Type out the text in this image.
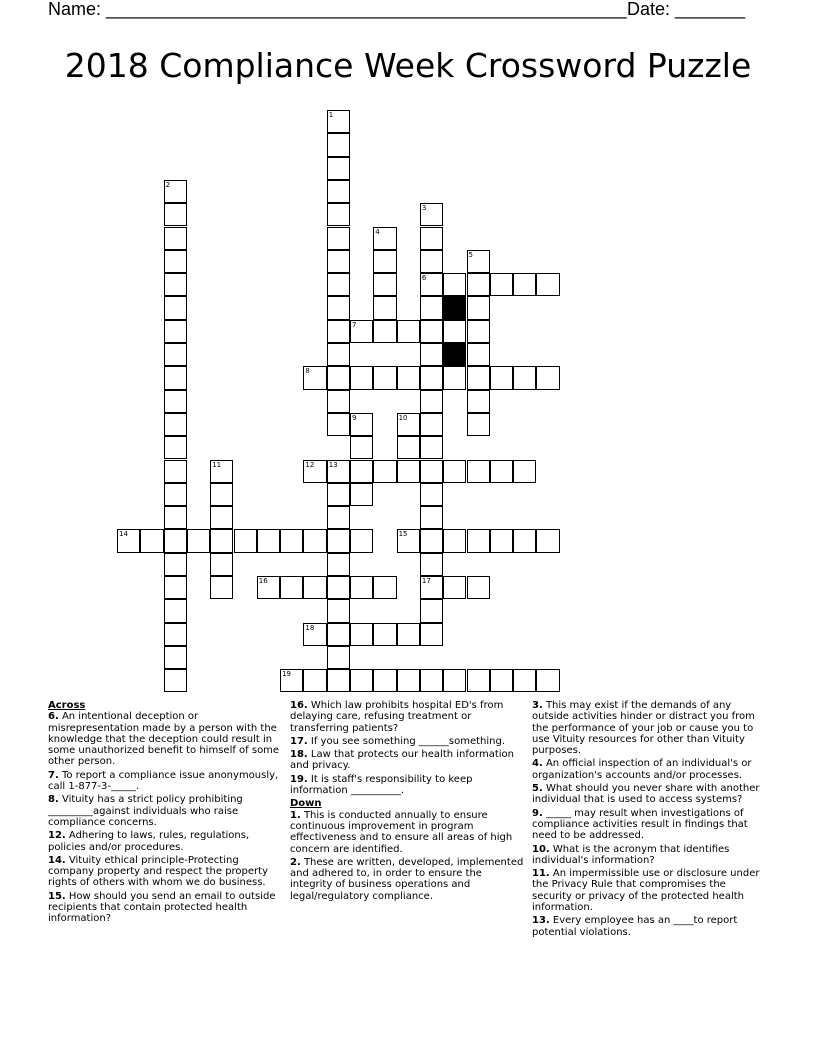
Name: ____________________________________________________ Date: _______
2018 Compliance Week Crossword Puzzle
1
2
3
4
5
6
7
8
9	10
11	12 13
14	15
16	17
18
19
Across
6. An intentional deception or misrepresentation made by a person with the knowledge that the deception could result in some unauthorized benefit to himself of some other person.
7. To report a compliance issue anonymously, call 1-877-3-_____.
8. Vituity has a strict policy prohibiting _________against individuals who raise compliance concerns.
12. Adhering to laws, rules, regulations, policies and/or procedures.
14. Vituity ethical principle-Protecting company property and respect the property rights of others with whom we do business.
15. How should you send an email to outside recipients that contain protected health information?
16. Which law prohibits hospital ED's from delaying care, refusing treatment or transferring patients?
17. If you see something ______something.
18. Law that protects our health information and privacy.
19. It is staff's responsibility to keep information __________.
Down
1. This is conducted annually to ensure continuous improvement in program effectiveness and to ensure all areas of high concern are identified.
2. These are written, developed, implemented and adhered to, in order to ensure the integrity of business operations and legal/regulatory compliance.
3. This may exist if the demands of any outside activities hinder or distract you from the performance of your job or cause you to use Vituity resources for other than Vituity purposes.
4. An official inspection of an individual's or organization's accounts and/or processes.
5. What should you never share with another individual that is used to access systems?
9. _____ may result when investigations of compliance activities result in findings that need to be addressed.
10. What is the acronym that identifies individual's information?
11. An impermissible use or disclosure under the Privacy Rule that compromises the security or privacy of the protected health information.
13. Every employee has an ____to report potential violations.
